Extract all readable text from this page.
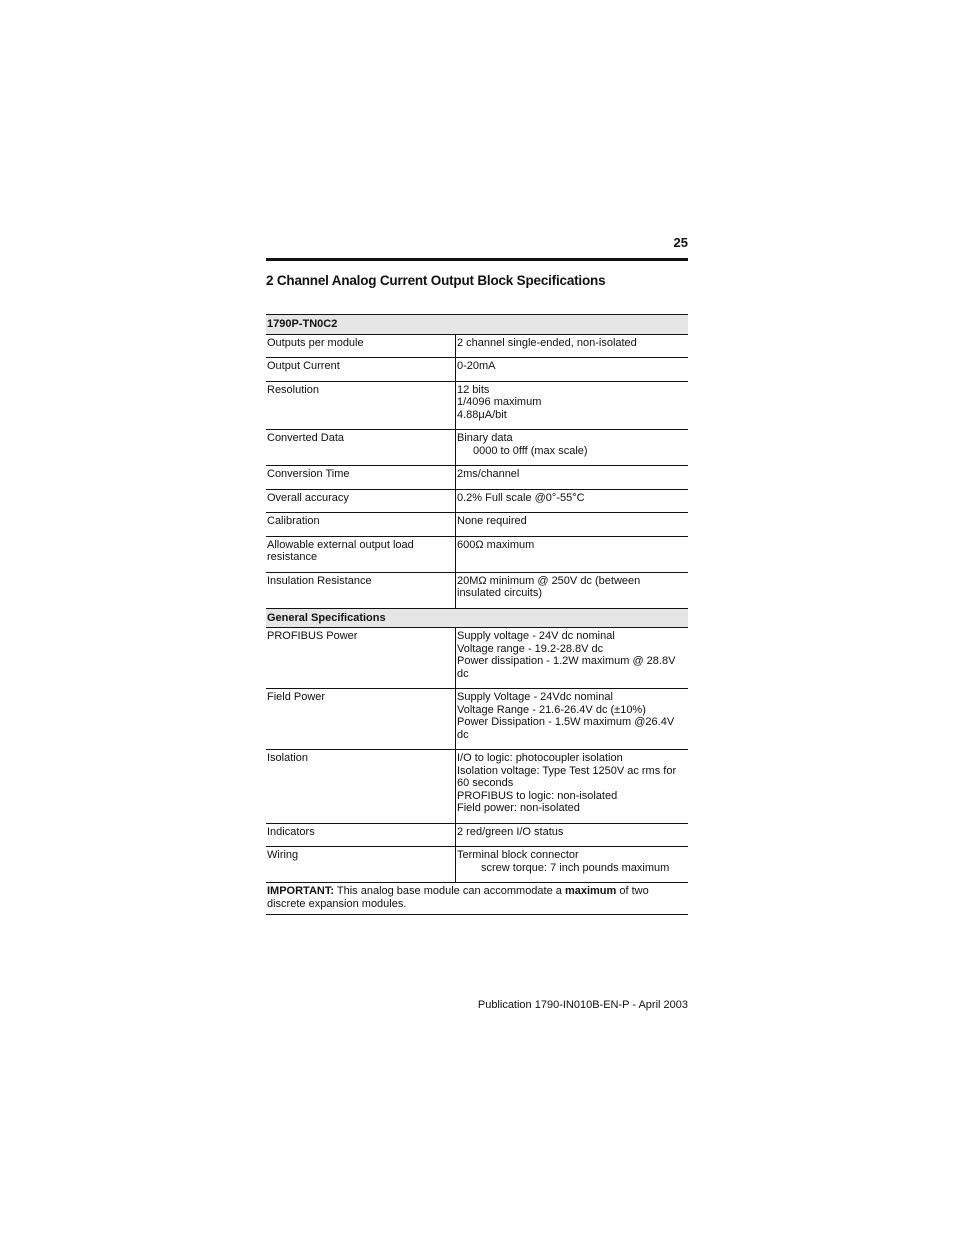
25
2 Channel Analog Current Output Block Specifications
1790P-TN0C2	
Outputs per module	2 channel single-ended, non-isolated

Output Current	0-20mA

Resolution	12 bits
1/4096 maximum
4.88μA/bit

Converted Data	Binary data
0000 to 0fff (max scale)

Conversion Time	2ms/channel

Overall accuracy	0.2% Full scale @0°-55°C

Calibration	None required

Allowable external output load resistance	600Ω maximum

Insulation Resistance	20MΩ minimum @ 250V dc (between insulated circuits)

General Specifications	
PROFIBUS Power	Supply voltage - 24V dc nominal
Voltage range - 19.2-28.8V dc
Power dissipation - 1.2W maximum @ 28.8V dc

Field Power	Supply Voltage - 24Vdc nominal
Voltage Range - 21.6-26.4V dc (±10%)
Power Dissipation - 1.5W maximum @26.4V dc

Isolation	I/O to logic: photocoupler isolation
Isolation voltage: Type Test 1250V ac rms for 60 seconds
PROFIBUS to logic: non-isolated
Field power: non-isolated

Indicators	2 red/green I/O status

Wiring	Terminal block connector
screw torque: 7 inch pounds maximum

IMPORTANT: This analog base module can accommodate a maximum of two discrete expansion modules.	
Publication 1790-IN010B-EN-P - April 2003
